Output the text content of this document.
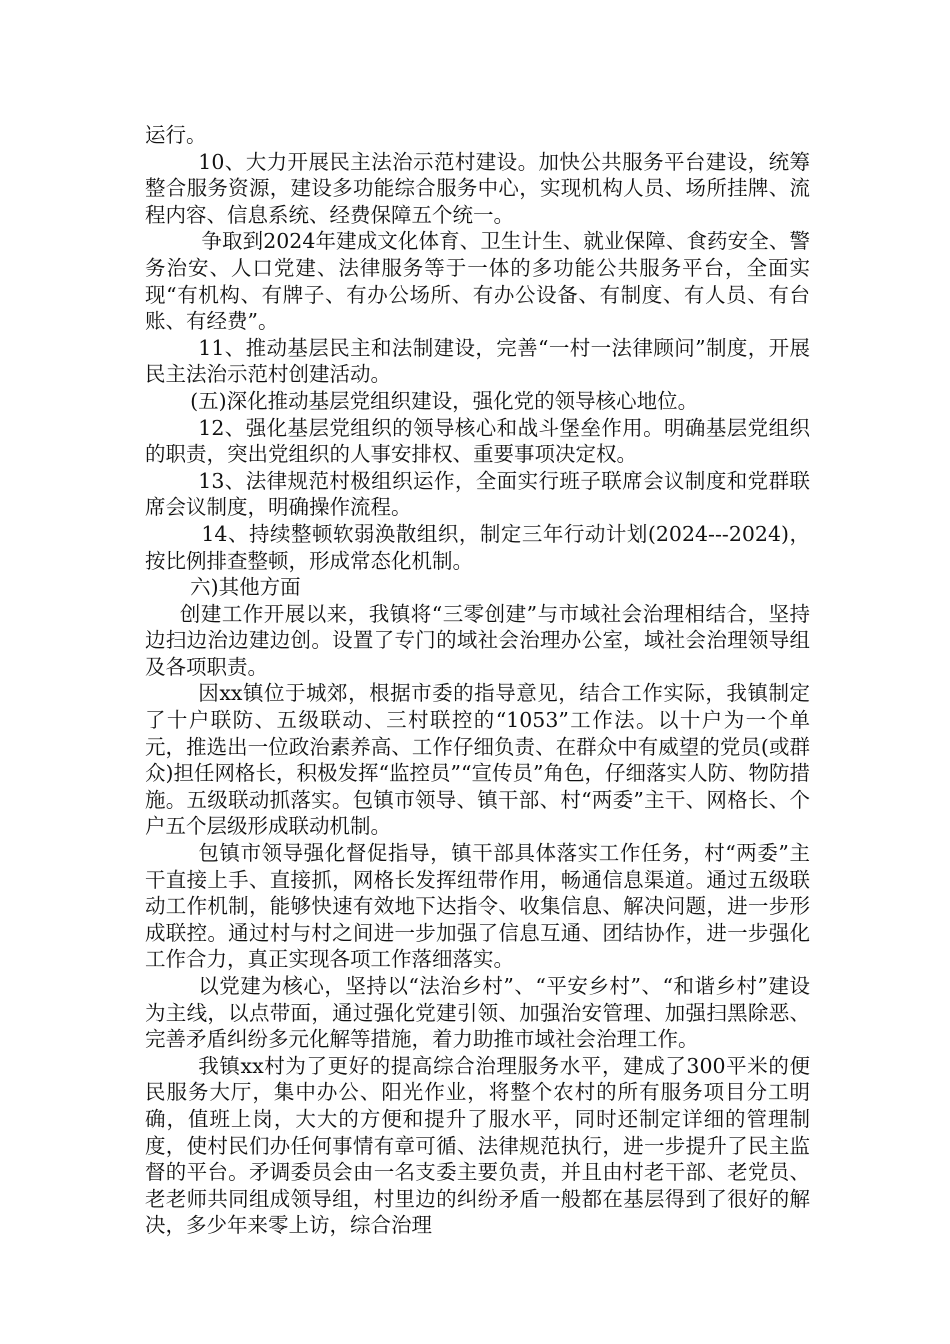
运行。

10、大力开展民主法治示范村建设。加快公共服务平台建设，统筹整合服务资源，建设多功能综合服务中心，实现机构人员、场所挂牌、流程内容、信息系统、经费保障五个统一。

争取到2024年建成文化体育、卫生计生、就业保障、食药安全、警务治安、人口党建、法律服务等于一体的多功能公共服务平台，全面实现“有机构、有牌子、有办公场所、有办公设备、有制度、有人员、有台账、有经费”。

11、推动基层民主和法制建设，完善“一村一法律顾问”制度，开展民主法治示范村创建活动。

(五)深化推动基层党组织建设，强化党的领导核心地位。

12、强化基层党组织的领导核心和战斗堡垒作用。明确基层党组织的职责，突出党组织的人事安排权、重要事项决定权。

13、法律规范村极组织运作，全面实行班子联席会议制度和党群联席会议制度，明确操作流程。

14、持续整顿软弱涣散组织，制定三年行动计划(2024---2024)，按比例排查整顿，形成常态化机制。

六)其他方面

创建工作开展以来，我镇将“三零创建”与市域社会治理相结合，坚持边扫边治边建边创。设置了专门的域社会治理办公室，域社会治理领导组及各项职责。

因xx镇位于城郊，根据市委的指导意见，结合工作实际，我镇制定了十户联防、五级联动、三村联控的“1053”工作法。以十户为一个单元，推选出一位政治素养高、工作仔细负责、在群众中有威望的党员(或群众)担任网格长，积极发挥“监控员”“宣传员”角色，仔细落实人防、物防措施。五级联动抓落实。包镇市领导、镇干部、村“两委”主干、网格长、个户五个层级形成联动机制。

包镇市领导强化督促指导，镇干部具体落实工作任务，村“两委”主干直接上手、直接抓，网格长发挥纽带作用，畅通信息渠道。通过五级联动工作机制，能够快速有效地下达指令、收集信息、解决问题，进一步形成联控。通过村与村之间进一步加强了信息互通、团结协作，进一步强化工作合力，真正实现各项工作落细落实。

以党建为核心，坚持以“法治乡村”、“平安乡村”、“和谐乡村”建设为主线，以点带面，通过强化党建引领、加强治安管理、加强扫黑除恶、完善矛盾纠纷多元化解等措施，着力助推市域社会治理工作。

我镇xx村为了更好的提高综合治理服务水平，建成了300平米的便民服务大厅，集中办公、阳光作业，将整个农村的所有服务项目分工明确，值班上岗，大大的方便和提升了服水平，同时还制定详细的管理制度，使村民们办任何事情有章可循、法律规范执行，进一步提升了民主监督的平台。矛调委员会由一名支委主要负责，并且由村老干部、老党员、老老师共同组成领导组，村里边的纠纷矛盾一般都在基层得到了很好的解决，多少年来零上访，综合治理
